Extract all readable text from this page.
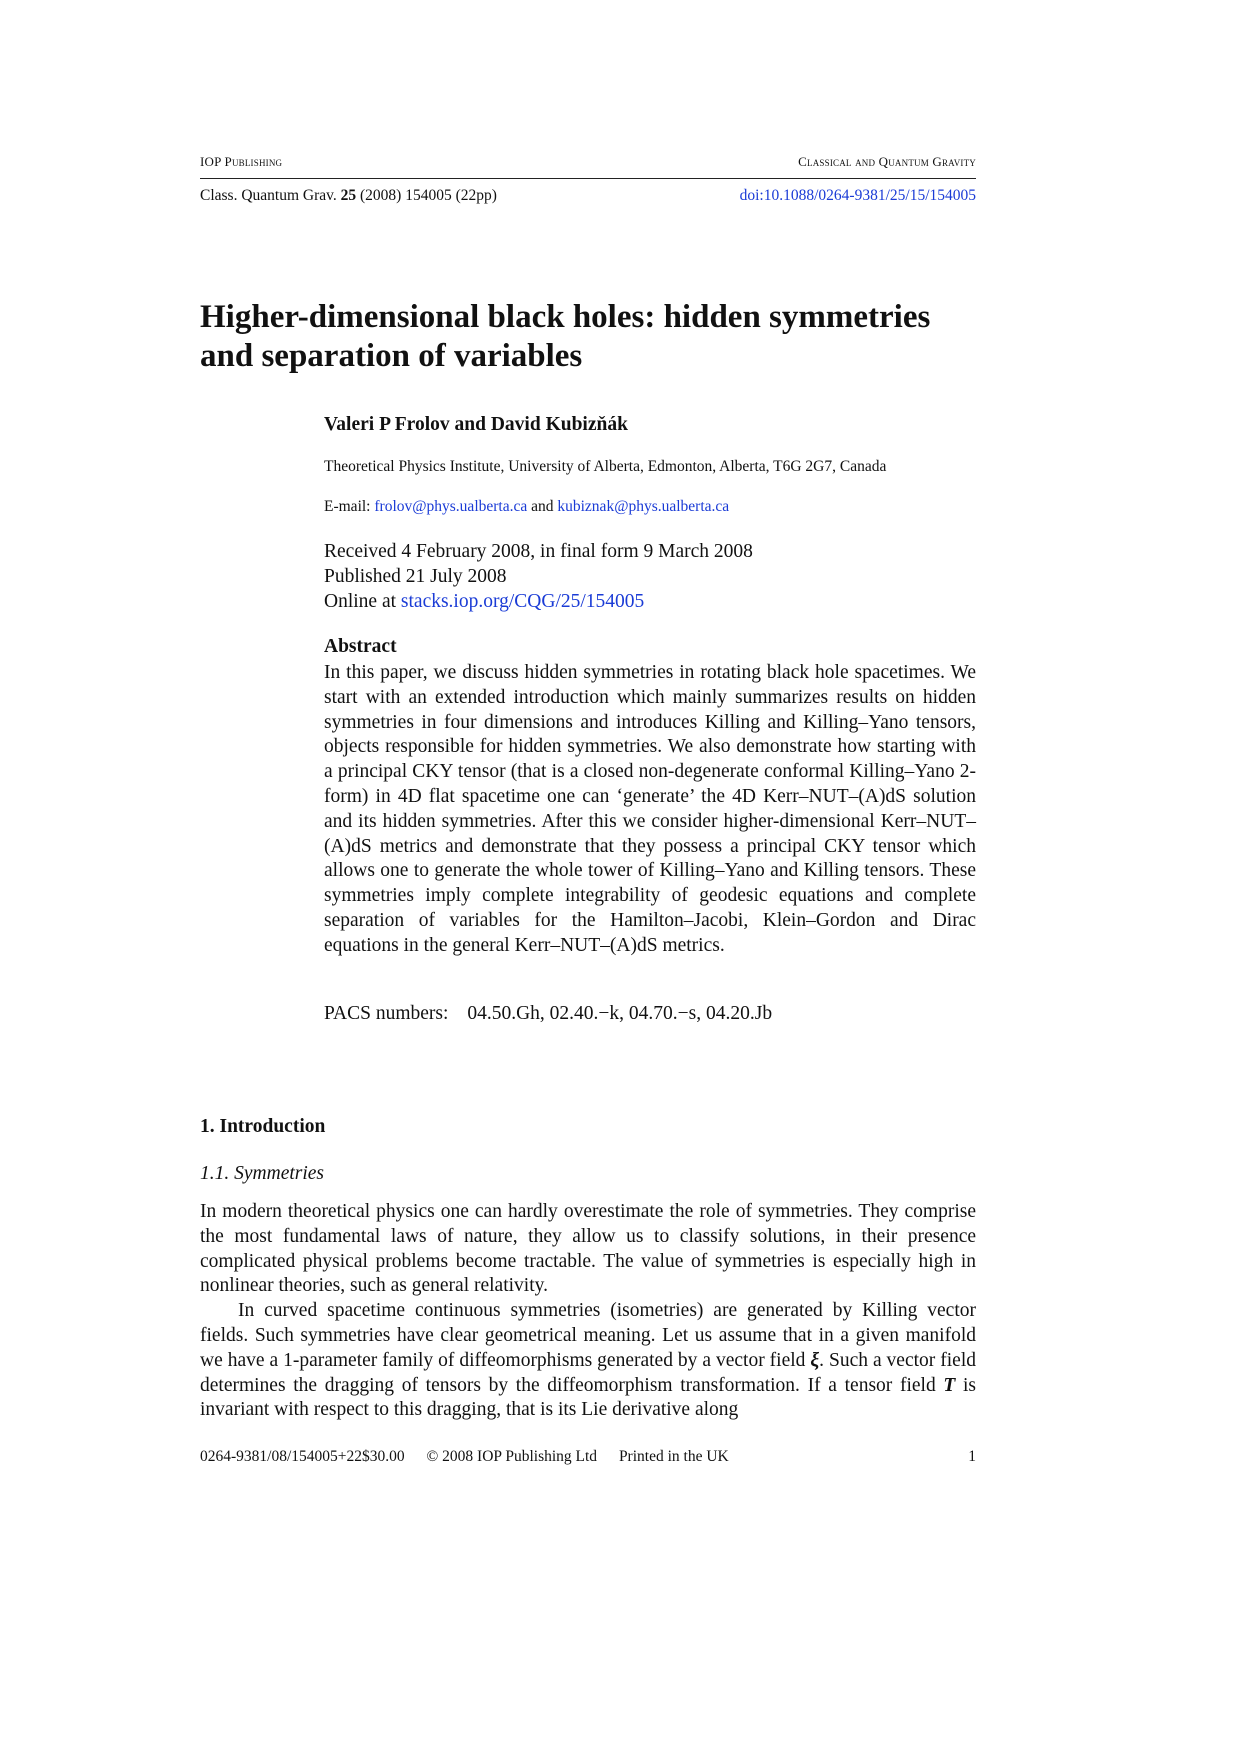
IOP Publishing	Classical and Quantum Gravity
Class. Quantum Grav. 25 (2008) 154005 (22pp)	doi:10.1088/0264-9381/25/15/154005
Higher-dimensional black holes: hidden symmetries and separation of variables
Valeri P Frolov and David Kubizňák
Theoretical Physics Institute, University of Alberta, Edmonton, Alberta, T6G 2G7, Canada
E-mail: frolov@phys.ualberta.ca and kubiznak@phys.ualberta.ca
Received 4 February 2008, in final form 9 March 2008
Published 21 July 2008
Online at stacks.iop.org/CQG/25/154005
Abstract
In this paper, we discuss hidden symmetries in rotating black hole spacetimes. We start with an extended introduction which mainly summarizes results on hidden symmetries in four dimensions and introduces Killing and Killing–Yano tensors, objects responsible for hidden symmetries. We also demonstrate how starting with a principal CKY tensor (that is a closed non-degenerate conformal Killing–Yano 2-form) in 4D flat spacetime one can ‘generate’ the 4D Kerr–NUT–(A)dS solution and its hidden symmetries. After this we consider higher-dimensional Kerr–NUT–(A)dS metrics and demonstrate that they possess a principal CKY tensor which allows one to generate the whole tower of Killing–Yano and Killing tensors. These symmetries imply complete integrability of geodesic equations and complete separation of variables for the Hamilton–Jacobi, Klein–Gordon and Dirac equations in the general Kerr–NUT–(A)dS metrics.
PACS numbers: 04.50.Gh, 02.40.−k, 04.70.−s, 04.20.Jb
1. Introduction
1.1. Symmetries

In modern theoretical physics one can hardly overestimate the role of symmetries. They comprise the most fundamental laws of nature, they allow us to classify solutions, in their presence complicated physical problems become tractable. The value of symmetries is especially high in nonlinear theories, such as general relativity.

In curved spacetime continuous symmetries (isometries) are generated by Killing vector fields. Such symmetries have clear geometrical meaning. Let us assume that in a given manifold we have a 1-parameter family of diffeomorphisms generated by a vector field ξ. Such a vector field determines the dragging of tensors by the diffeomorphism transformation. If a tensor field T is invariant with respect to this dragging, that is its Lie derivative along

0264-9381/08/154005+22$30.00 © 2008 IOP Publishing Ltd Printed in the UK	1
